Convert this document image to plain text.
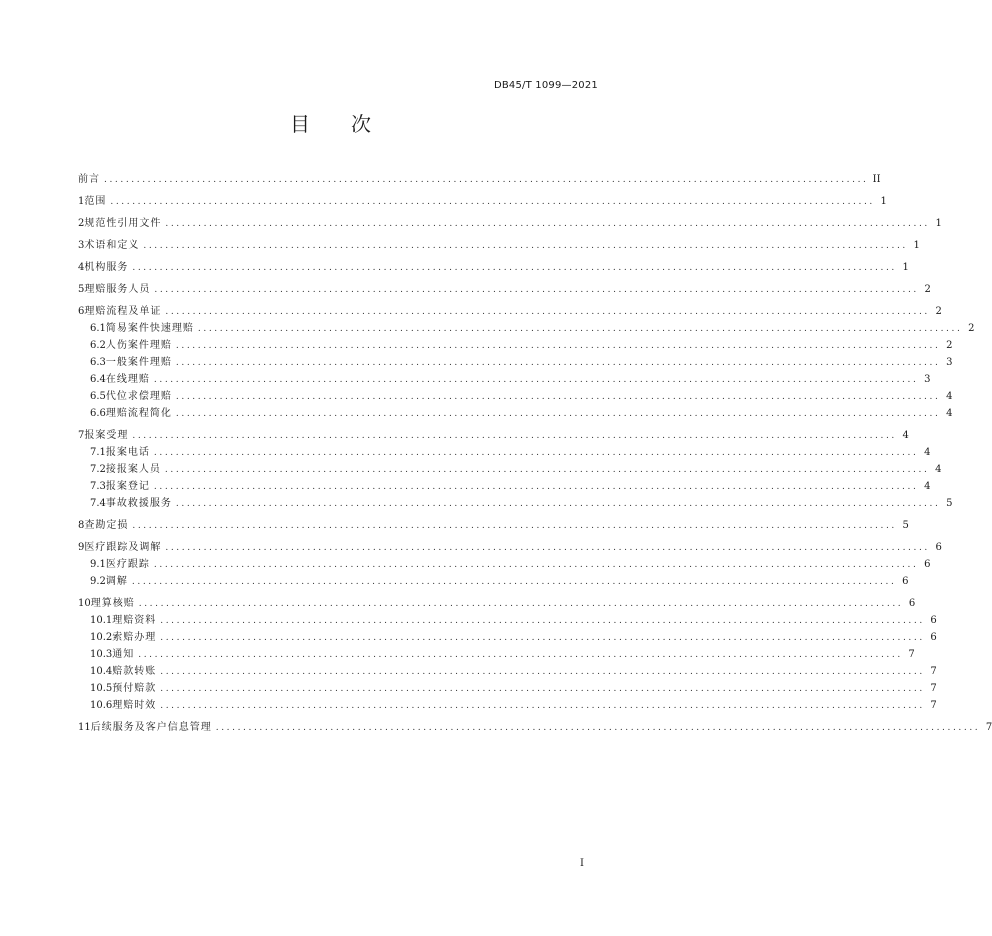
DB45/T 1099—2021
目 次
前言 ............................................................................................................................................ II
1 范围 ............................................................................................................................................ 1
2 规范性引用文件 ............................................................................................................................................ 1
3 术语和定义 ............................................................................................................................................ 1
4 机构服务 ............................................................................................................................................ 1
5 理赔服务人员 ............................................................................................................................................ 2
6 理赔流程及单证 ............................................................................................................................................ 2
6.1 简易案件快速理赔 ............................................................................................................................................ 2
6.2 人伤案件理赔 ............................................................................................................................................ 2
6.3 一般案件理赔 ............................................................................................................................................ 3
6.4 在线理赔 ............................................................................................................................................ 3
6.5 代位求偿理赔 ............................................................................................................................................ 4
6.6 理赔流程简化 ............................................................................................................................................ 4
7 报案受理 ............................................................................................................................................ 4
7.1 报案电话 ............................................................................................................................................ 4
7.2 接报案人员 ............................................................................................................................................ 4
7.3 报案登记 ............................................................................................................................................ 4
7.4 事故救援服务 ............................................................................................................................................ 5
8 查勘定损 ............................................................................................................................................ 5
9 医疗跟踪及调解 ............................................................................................................................................ 6
9.1 医疗跟踪 ............................................................................................................................................ 6
9.2 调解 ............................................................................................................................................ 6
10 理算核赔 ............................................................................................................................................ 6
10.1 理赔资料 ............................................................................................................................................ 6
10.2 索赔办理 ............................................................................................................................................ 6
10.3 通知 ............................................................................................................................................ 7
10.4 赔款转账 ............................................................................................................................................ 7
10.5 预付赔款 ............................................................................................................................................ 7
10.6 理赔时效 ............................................................................................................................................ 7
11 后续服务及客户信息管理 ............................................................................................................................................ 7
I
